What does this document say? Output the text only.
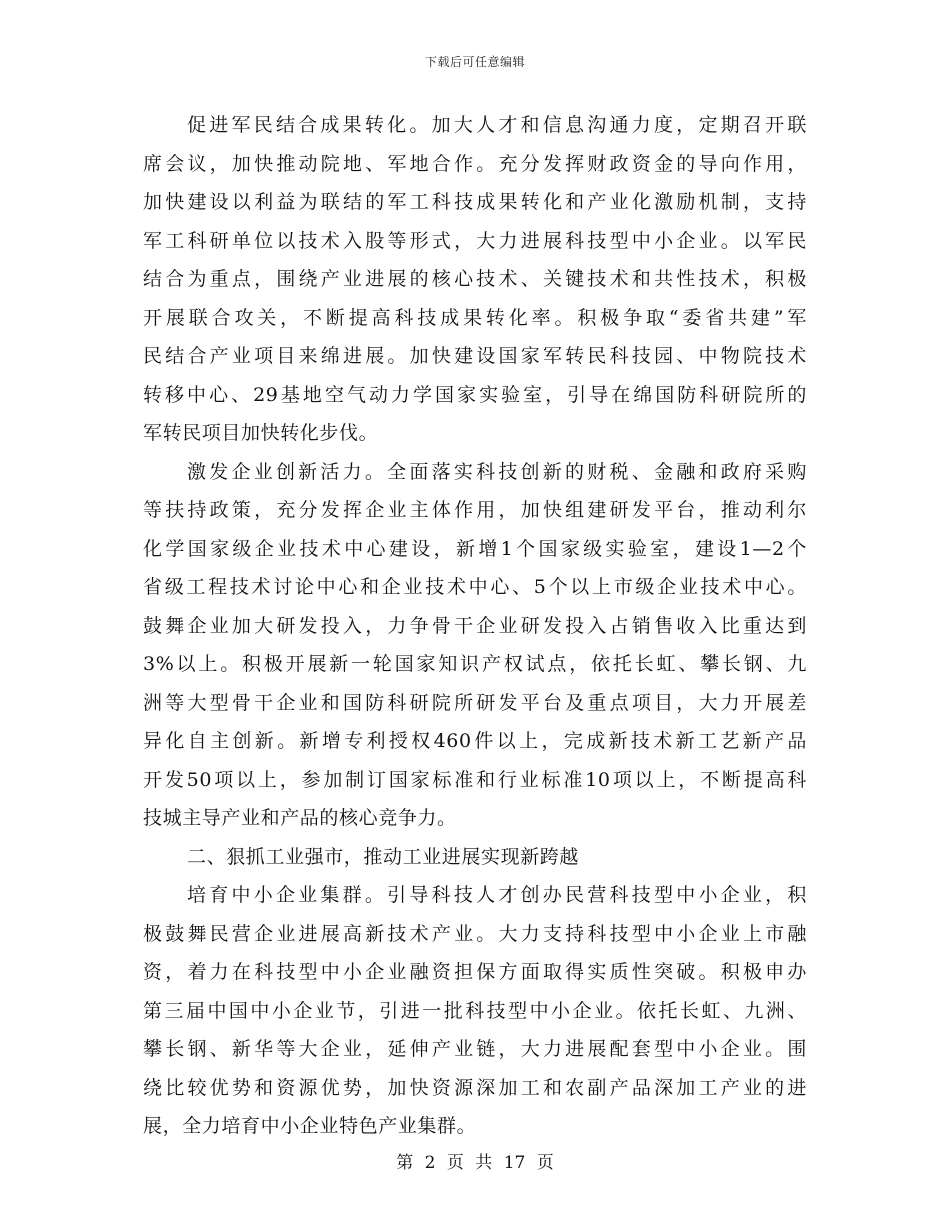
下载后可任意编辑
促进军民结合成果转化。加大人才和信息沟通力度，定期召开联
席会议，加快推动院地、军地合作。充分发挥财政资金的导向作用，
加快建设以利益为联结的军工科技成果转化和产业化激励机制，支持
军工科研单位以技术入股等形式，大力进展科技型中小企业。以军民
结合为重点，围绕产业进展的核心技术、关键技术和共性技术，积极
开展联合攻关，不断提高科技成果转化率。积极争取“委省共建”军
民结合产业项目来绵进展。加快建设国家军转民科技园、中物院技术
转移中心、29基地空气动力学国家实验室，引导在绵国防科研院所的
军转民项目加快转化步伐。
激发企业创新活力。全面落实科技创新的财税、金融和政府采购
等扶持政策，充分发挥企业主体作用，加快组建研发平台，推动利尔
化学国家级企业技术中心建设，新增1个国家级实验室，建设1—2个
省级工程技术讨论中心和企业技术中心、5个以上市级企业技术中心。
鼓舞企业加大研发投入，力争骨干企业研发投入占销售收入比重达到
3%以上。积极开展新一轮国家知识产权试点，依托长虹、攀长钢、九
洲等大型骨干企业和国防科研院所研发平台及重点项目，大力开展差
异化自主创新。新增专利授权460件以上，完成新技术新工艺新产品
开发50项以上，参加制订国家标准和行业标准10项以上，不断提高科
技城主导产业和产品的核心竞争力。
二、狠抓工业强市，推动工业进展实现新跨越
培育中小企业集群。引导科技人才创办民营科技型中小企业，积
极鼓舞民营企业进展高新技术产业。大力支持科技型中小企业上市融
资，着力在科技型中小企业融资担保方面取得实质性突破。积极申办
第三届中国中小企业节，引进一批科技型中小企业。依托长虹、九洲、
攀长钢、新华等大企业，延伸产业链，大力进展配套型中小企业。围
绕比较优势和资源优势，加快资源深加工和农副产品深加工产业的进
展，全力培育中小企业特色产业集群。
第 2 页 共 17 页
